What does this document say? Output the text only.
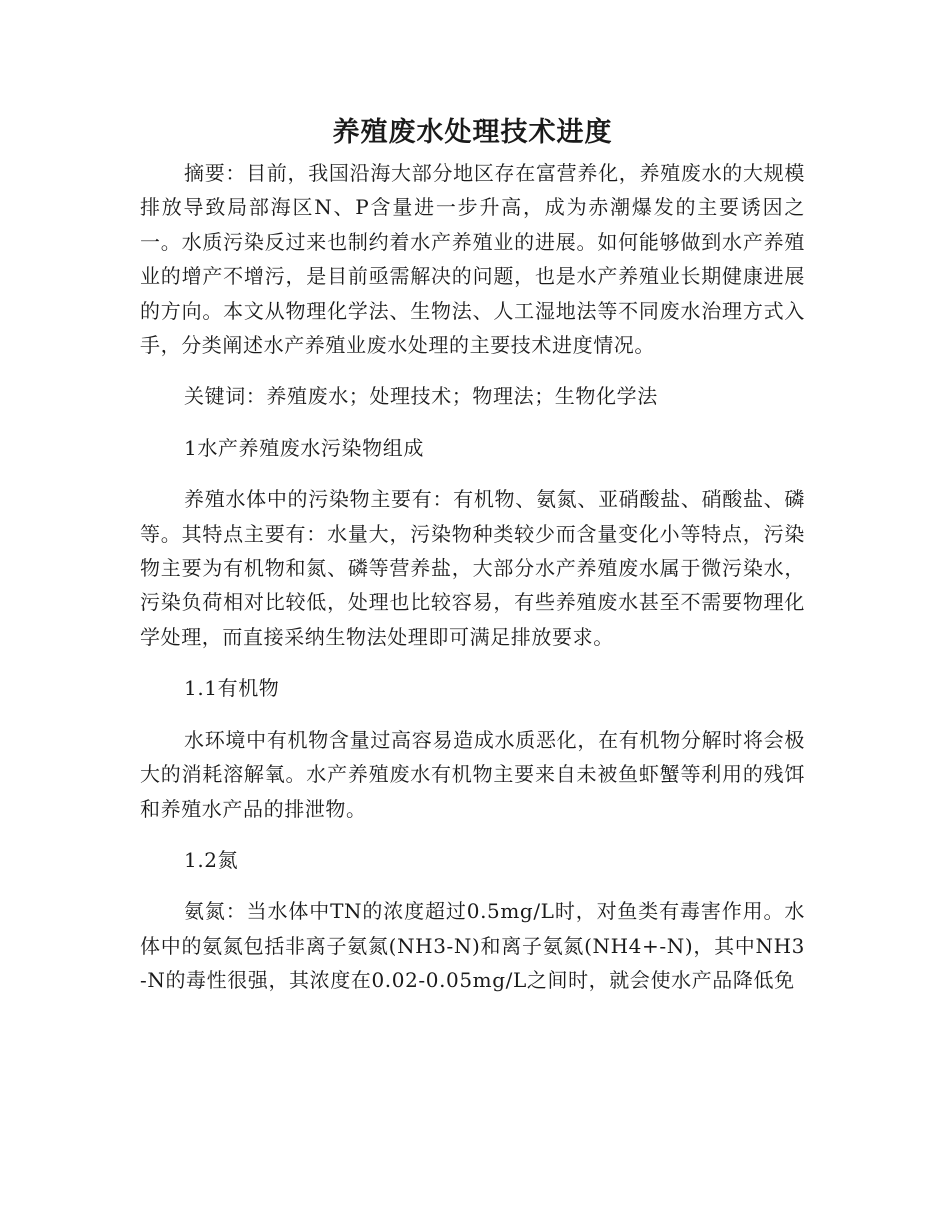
养殖废水处理技术进度

摘要：目前，我国沿海大部分地区存在富营养化，养殖废水的大规模排放导致局部海区N、P含量进一步升高，成为赤潮爆发的主要诱因之一。水质污染反过来也制约着水产养殖业的进展。如何能够做到水产养殖业的增产不增污，是目前亟需解决的问题，也是水产养殖业长期健康进展的方向。本文从物理化学法、生物法、人工湿地法等不同废水治理方式入手，分类阐述水产养殖业废水处理的主要技术进度情况。

关键词：养殖废水；处理技术；物理法；生物化学法

1水产养殖废水污染物组成

养殖水体中的污染物主要有：有机物、氨氮、亚硝酸盐、硝酸盐、磷等。其特点主要有：水量大，污染物种类较少而含量变化小等特点，污染物主要为有机物和氮、磷等营养盐，大部分水产养殖废水属于微污染水，污染负荷相对比较低，处理也比较容易，有些养殖废水甚至不需要物理化学处理，而直接采纳生物法处理即可满足排放要求。

1.1有机物

水环境中有机物含量过高容易造成水质恶化，在有机物分解时将会极大的消耗溶解氧。水产养殖废水有机物主要来自未被鱼虾蟹等利用的残饵和养殖水产品的排泄物。

1.2氮

氨氮：当水体中TN的浓度超过0.5mg/L时，对鱼类有毒害作用。水体中的氨氮包括非离子氨氮(NH3-N)和离子氨氮(NH4+-N)，其中NH3-N的毒性很强，其浓度在0.02-0.05mg/L之间时，就会使水产品降低免
